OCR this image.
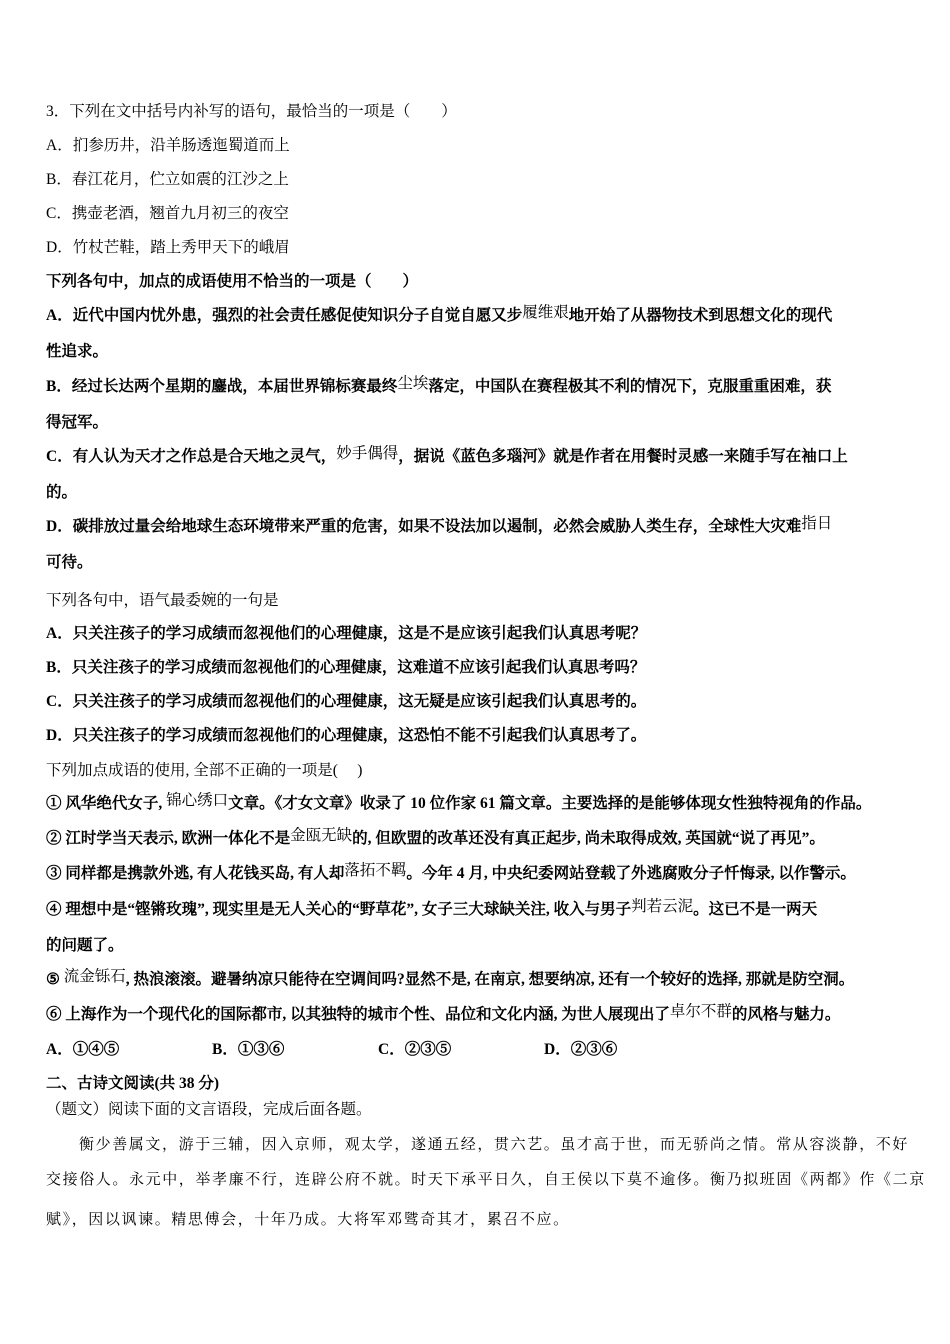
3．下列在文中括号内补写的语句，最恰当的一项是（　　）
A．扪参历井，沿羊肠透迤蜀道而上
B．春江花月，伫立如震的江沙之上
C．携壶老酒，翘首九月初三的夜空
D．竹杖芒鞋，踏上秀甲天下的峨眉
下列各句中，加点的成语使用不恰当的一项是（　　）
A．近代中国内忧外患，强烈的社会责任感促使知识分子自觉自愿又步履维艰地开始了从器物技术到思想文化的现代
性追求。
B．经过长达两个星期的鏖战，本届世界锦标赛最终尘埃落定，中国队在赛程极其不利的情况下，克服重重困难，获
得冠军。
C．有人认为天才之作总是合天地之灵气，妙手偶得，据说《蓝色多瑙河》就是作者在用餐时灵感一来随手写在袖口上
的。
D．碳排放过量会给地球生态环境带来严重的危害，如果不设法加以遏制，必然会威胁人类生存，全球性大灾难指日
可待。
下列各句中，语气最委婉的一句是
A．只关注孩子的学习成绩而忽视他们的心理健康，这是不是应该引起我们认真思考呢？
B．只关注孩子的学习成绩而忽视他们的心理健康，这难道不应该引起我们认真思考吗？
C．只关注孩子的学习成绩而忽视他们的心理健康，这无疑是应该引起我们认真思考的。
D．只关注孩子的学习成绩而忽视他们的心理健康，这恐怕不能不引起我们认真思考了。
下列加点成语的使用, 全部不正确的一项是(　 )
① 风华绝代女子, 锦心绣口文章。《才女文章》收录了 10 位作家 61 篇文章。主要选择的是能够体现女性独特视角的作品。
② 江时学当天表示, 欧洲一体化不是金瓯无缺的, 但欧盟的改革还没有真正起步, 尚未取得成效, 英国就“说了再见”。
③ 同样都是携款外逃, 有人花钱买岛, 有人却落拓不羁。今年 4 月, 中央纪委网站登载了外逃腐败分子忏悔录, 以作警示。
④ 理想中是“铿锵玫瑰”, 现实里是无人关心的“野草花”, 女子三大球缺关注, 收入与男子判若云泥。这已不是一两天
的问题了。
⑤ 流金铄石, 热浪滚滚。避暑纳凉只能待在空调间吗?显然不是, 在南京, 想要纳凉, 还有一个较好的选择, 那就是防空洞。
⑥ 上海作为一个现代化的国际都市, 以其独特的城市个性、品位和文化内涵, 为世人展现出了卓尔不群的风格与魅力。
A．①④⑤	B．①③⑥	C．②③⑤	D．②③⑥
二、古诗文阅读(共 38 分)
（题文）阅读下面的文言语段，完成后面各题。
衡少善属文，游于三辅，因入京师，观太学，遂通五经，贯六艺。虽才高于世，而无骄尚之情。常从容淡静，不好
交接俗人。永元中，举孝廉不行，连辟公府不就。时天下承平日久，自王侯以下莫不逾侈。衡乃拟班固《两都》作《二京
赋》，因以讽谏。精思傅会，十年乃成。大将军邓骘奇其才，累召不应。
